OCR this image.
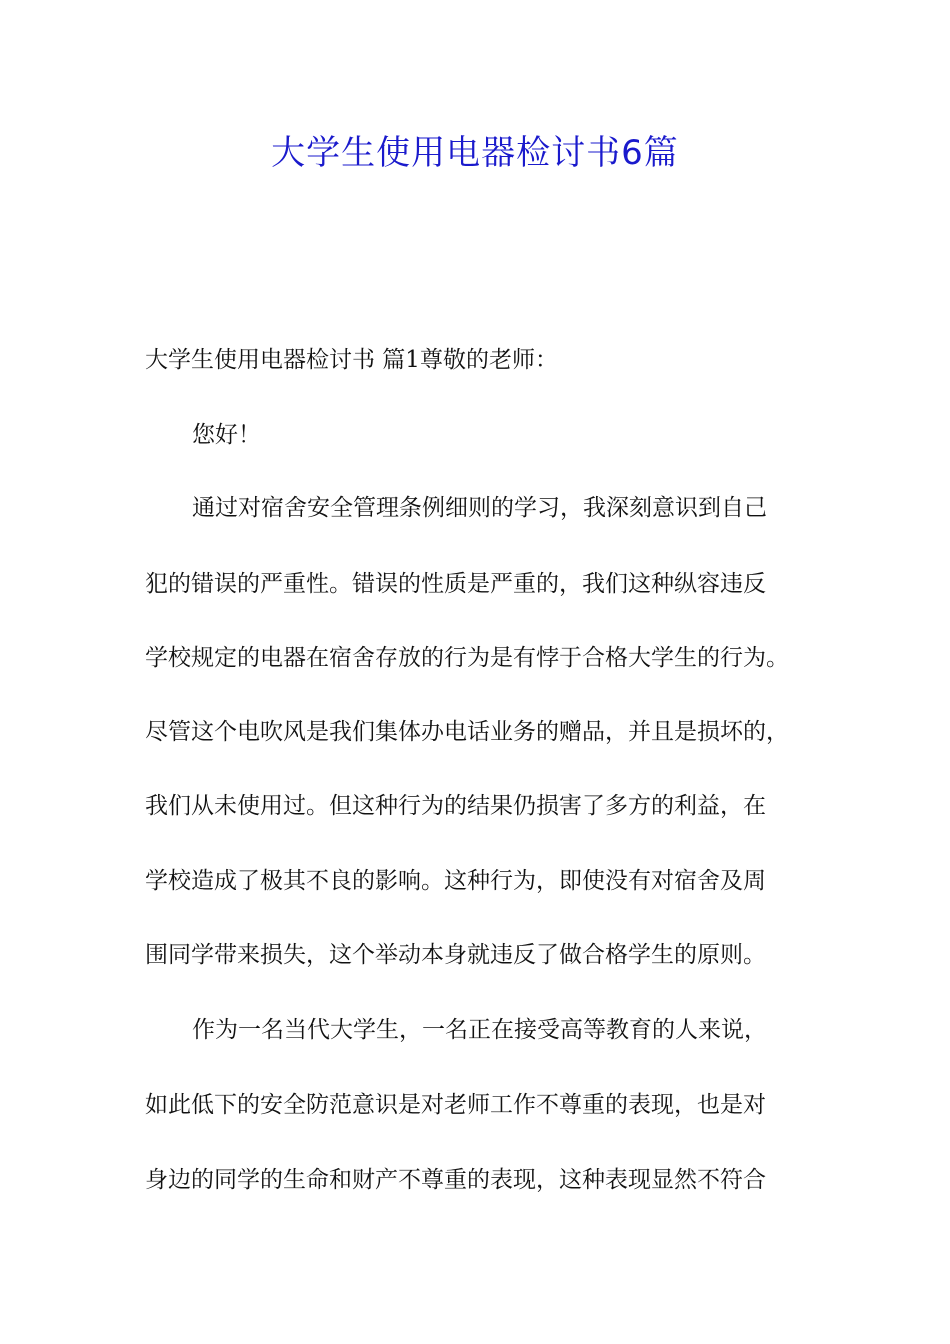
大学生使用电器检讨书6篇

大学生使用电器检讨书 篇1尊敬的老师：

您好！

通过对宿舍安全管理条例细则的学习，我深刻意识到自己

犯的错误的严重性。错误的性质是严重的，我们这种纵容违反

学校规定的电器在宿舍存放的行为是有悖于合格大学生的行为。

尽管这个电吹风是我们集体办电话业务的赠品，并且是损坏的，

我们从未使用过。但这种行为的结果仍损害了多方的利益，在

学校造成了极其不良的影响。这种行为，即使没有对宿舍及周

围同学带来损失，这个举动本身就违反了做合格学生的原则。

作为一名当代大学生，一名正在接受高等教育的人来说，

如此低下的安全防范意识是对老师工作不尊重的表现，也是对

身边的同学的生命和财产不尊重的表现，这种表现显然不符合
